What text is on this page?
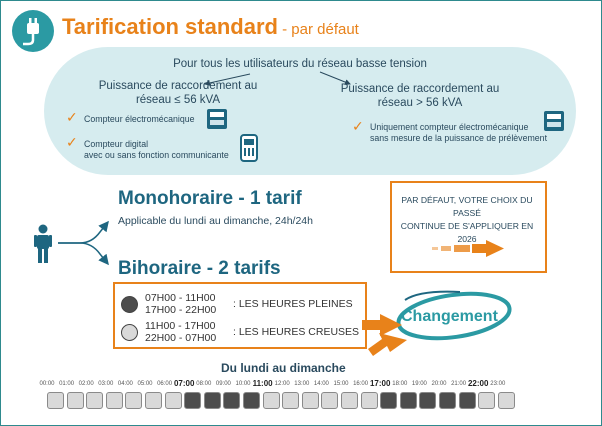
Tarification standard - par défaut
Pour tous les utilisateurs du réseau basse tension
Puissance de raccordement au
réseau ≤ 56 kVA
Puissance de raccordement au
réseau > 56 kVA
✓ Compteur électromécanique
✓ Compteur digital
avec ou sans fonction communicante
✓ Uniquement compteur électromécanique
sans mesure de la puissance de prélèvement
Monohoraire - 1 tarif
Applicable du lundi au dimanche, 24h/24h
Bihoraire - 2 tarifs
07H00 - 11H00
17H00 - 22H00 : LES HEURES PLEINES
11H00 - 17H00
22H00 - 07H00 : LES HEURES CREUSES
PAR DÉFAUT, VOTRE CHOIX DU PASSÉ
CONTINUE DE S'APPLIQUER EN 2026
Changement
Du lundi au dimanche
00:00 01:00 02:00 03:00 04:00 05:00 06:00 07:00 08:00 09:00 10:00 11:00 12:00 13:00 14:00 15:00 16:00 17:00 18:00 19:00 20:00 21:00 22:00 23:00
